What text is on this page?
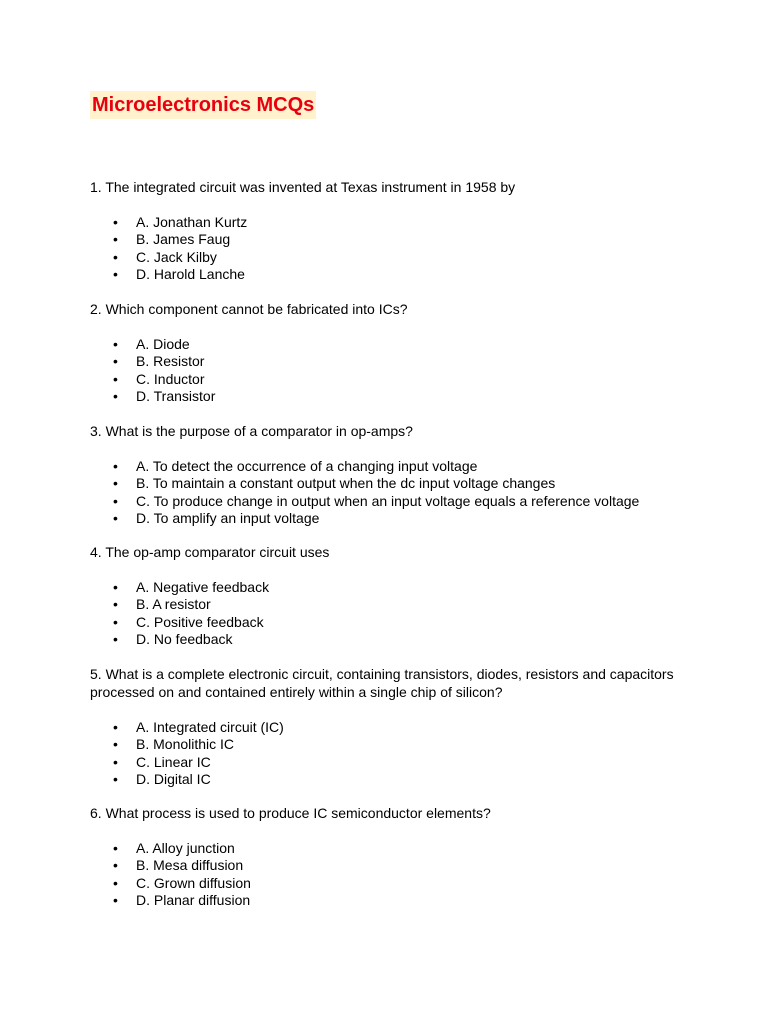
Microelectronics MCQs

1. The integrated circuit was invented at Texas instrument in 1958 by

• A. Jonathan Kurtz
• B. James Faug
• C. Jack Kilby
• D. Harold Lanche

2. Which component cannot be fabricated into ICs?

• A. Diode
• B. Resistor
• C. Inductor
• D. Transistor

3. What is the purpose of a comparator in op-amps?

• A. To detect the occurrence of a changing input voltage
• B. To maintain a constant output when the dc input voltage changes
• C. To produce change in output when an input voltage equals a reference voltage
• D. To amplify an input voltage

4. The op-amp comparator circuit uses

• A. Negative feedback
• B. A resistor
• C. Positive feedback
• D. No feedback

5. What is a complete electronic circuit, containing transistors, diodes, resistors and capacitors processed on and contained entirely within a single chip of silicon?

• A. Integrated circuit (IC)
• B. Monolithic IC
• C. Linear IC
• D. Digital IC

6. What process is used to produce IC semiconductor elements?

• A. Alloy junction
• B. Mesa diffusion
• C. Grown diffusion
• D. Planar diffusion
